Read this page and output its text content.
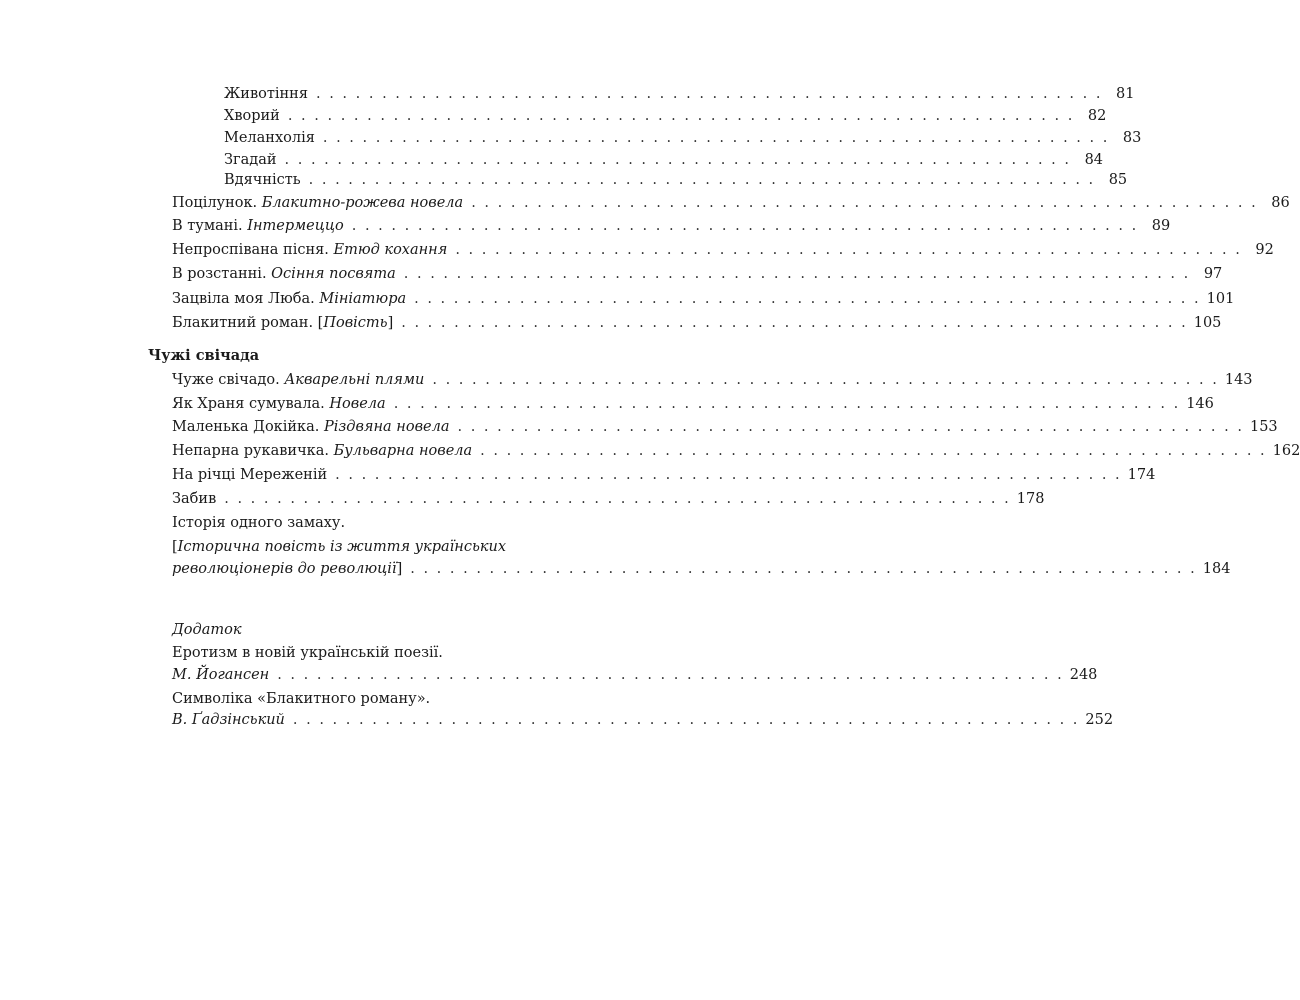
Животіння . . . . . . . . . . . . . . . . . . . . . . . . . . . . . . . . . . . . . . . . . . . . . . . . . . . . . . . . . . . . 81
Хворий . . . . . . . . . . . . . . . . . . . . . . . . . . . . . . . . . . . . . . . . . . . . . . . . . . . . . . . . . . . . 82
Меланхолія . . . . . . . . . . . . . . . . . . . . . . . . . . . . . . . . . . . . . . . . . . . . . . . . . . . . . . . . . . . . 83
Згадай . . . . . . . . . . . . . . . . . . . . . . . . . . . . . . . . . . . . . . . . . . . . . . . . . . . . . . . . . . . . 84
Вдячність . . . . . . . . . . . . . . . . . . . . . . . . . . . . . . . . . . . . . . . . . . . . . . . . . . . . . . . . . . . . 85
Поцілунок. Блакитно-рожева новела . . . . . . . . . . . . . . . . . . . . . . . . . . . . . . . . . . . . . . . . . . . . . . . . . . . . . . . . . . . . 86
В тумані. Інтермеццо . . . . . . . . . . . . . . . . . . . . . . . . . . . . . . . . . . . . . . . . . . . . . . . . . . . . . . . . . . . . 89
Непроспівана пісня. Етюд кохання . . . . . . . . . . . . . . . . . . . . . . . . . . . . . . . . . . . . . . . . . . . . . . . . . . . . . . . . . . . . 92
В розстанні. Осіння посвята . . . . . . . . . . . . . . . . . . . . . . . . . . . . . . . . . . . . . . . . . . . . . . . . . . . . . . . . . . . . 97
Зацвіла моя Люба. Мініатюра . . . . . . . . . . . . . . . . . . . . . . . . . . . . . . . . . . . . . . . . . . . . . . . . . . . . . . . . . . . . 101
Блакитний роман. [Повість] . . . . . . . . . . . . . . . . . . . . . . . . . . . . . . . . . . . . . . . . . . . . . . . . . . . . . . . . . . . . 105
Чужі свічада
Чуже свічадо. Акварельні плями . . . . . . . . . . . . . . . . . . . . . . . . . . . . . . . . . . . . . . . . . . . . . . . . . . . . . . . . . . . . 143
Як Храня сумувала. Новела . . . . . . . . . . . . . . . . . . . . . . . . . . . . . . . . . . . . . . . . . . . . . . . . . . . . . . . . . . . . 146
Маленька Докійка. Різдвяна новела . . . . . . . . . . . . . . . . . . . . . . . . . . . . . . . . . . . . . . . . . . . . . . . . . . . . . . . . . . . . 153
Непарна рукавичка. Бульварна новела . . . . . . . . . . . . . . . . . . . . . . . . . . . . . . . . . . . . . . . . . . . . . . . . . . . . . . . . . . . . 162
На річці Мереженій . . . . . . . . . . . . . . . . . . . . . . . . . . . . . . . . . . . . . . . . . . . . . . . . . . . . . . . . . . . . 174
Забив . . . . . . . . . . . . . . . . . . . . . . . . . . . . . . . . . . . . . . . . . . . . . . . . . . . . . . . . . . . . 178
Історія одного замаху.
[Історична повість із життя українських
революціонерів до революції] . . . . . . . . . . . . . . . . . . . . . . . . . . . . . . . . . . . . . . . . . . . . . . . . . . . . . . . . . . . . 184
Додаток
Еротизм в новій українській поезії.
М. Йогансен . . . . . . . . . . . . . . . . . . . . . . . . . . . . . . . . . . . . . . . . . . . . . . . . . . . . . . . . . . . . 248
Символіка «Блакитного роману».
В. Ґадзінський . . . . . . . . . . . . . . . . . . . . . . . . . . . . . . . . . . . . . . . . . . . . . . . . . . . . . . . . . . . . 252
